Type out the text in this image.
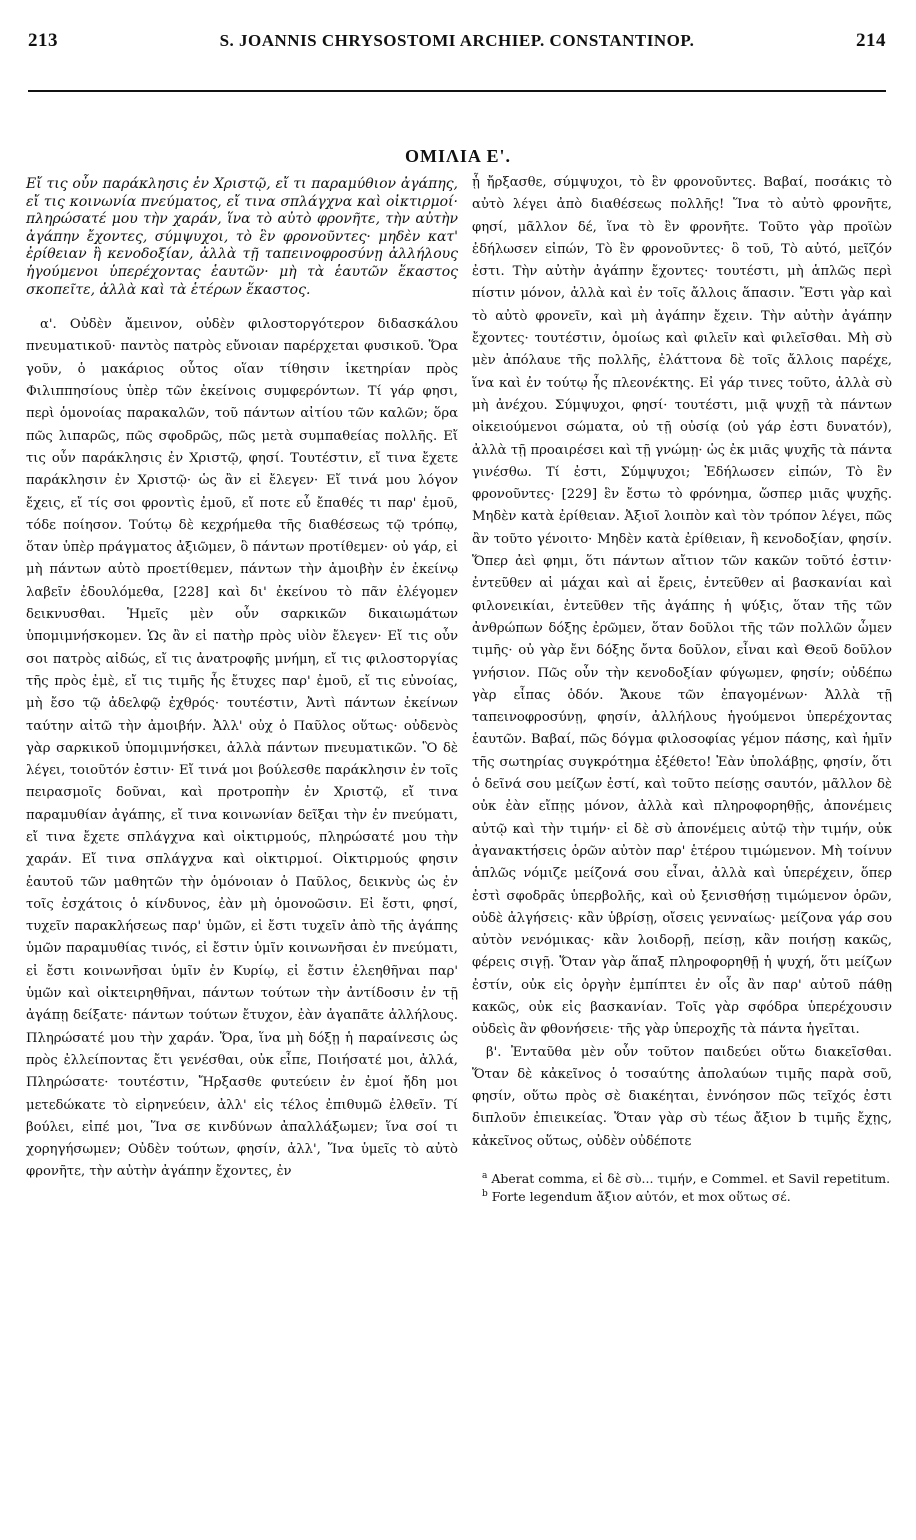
213	S. JOANNIS CHRYSOSTOMI ARCHIEP. CONSTANTINOP.	214
ΟΜΙΛΙΑ Ε'.

Εἴ τις οὖν παράκλησις ἐν Χριστῷ, εἴ τι παραμύθιον ἀγάπης, εἴ τις κοινωνία πνεύματος, εἴ τινα σπλάγχνα καὶ οἰκτιρμοί· πληρώσατέ μου τὴν χαράν, ἵνα τὸ αὐτὸ φρονῆτε, τὴν αὐτὴν ἀγάπην ἔχοντες, σύμψυχοι, τὸ ἓν φρονοῦντες· μηδὲν κατ' ἐρίθειαν ἢ κενοδοξίαν, ἀλλὰ τῇ ταπεινοφροσύνῃ ἀλλήλους ἡγούμενοι ὑπερέχοντας ἑαυτῶν· μὴ τὰ ἑαυτῶν ἕκαστος σκοπεῖτε, ἀλλὰ καὶ τὰ ἑτέρων ἕκαστος.

α'. Οὐδὲν ἄμεινον, οὐδὲν φιλοστοργότερον διδασκάλου πνευματικοῦ· παντὸς πατρὸς εὔνοιαν παρέρχεται φυσικοῦ. Ὅρα γοῦν, ὁ μακάριος οὗτος οἵαν τίθησιν ἱκετηρίαν πρὸς Φιλιππησίους ὑπὲρ τῶν ἐκείνοις συμφερόντων. Τί γάρ φησι, περὶ ὁμονοίας παρακαλῶν, τοῦ πάντων αἰτίου τῶν καλῶν; ὅρα πῶς λιπαρῶς, πῶς σφοδρῶς, πῶς μετὰ συμπαθείας πολλῆς. Εἴ τις οὖν παράκλησις ἐν Χριστῷ, φησί. Τουτέστιν, εἴ τινα ἔχετε παράκλησιν ἐν Χριστῷ· ὡς ἂν εἰ ἔλεγεν· Εἴ τινά μου λόγον ἔχεις, εἴ τίς σοι φροντὶς ἐμοῦ, εἴ ποτε εὖ ἔπαθές τι παρ' ἐμοῦ, τόδε ποίησον. Τούτῳ δὲ κεχρήμεθα τῆς διαθέσεως τῷ τρόπῳ, ὅταν ὑπὲρ πράγματος ἀξιῶμεν, ὃ πάντων προτίθεμεν· οὐ γάρ, εἰ μὴ πάντων αὐτὸ προετίθεμεν, πάντων τὴν ἀμοιβὴν ἐν ἐκείνῳ λαβεῖν ἐδουλόμεθα, [228] καὶ δι' ἐκείνου τὸ πᾶν ἐλέγομεν δεικνυσθαι. Ἡμεῖς μὲν οὖν σαρκικῶν δικαιωμάτων ὑπομιμνήσκομεν. Ὡς ἂν εἰ πατὴρ πρὸς υἱὸν ἔλεγεν· Εἴ τις οὖν σοι πατρὸς αἰδώς, εἴ τις ἀνατροφῆς μνήμη, εἴ τις φιλοστοργίας τῆς πρὸς ἐμὲ, εἴ τις τιμῆς ἧς ἔτυχες παρ' ἐμοῦ, εἴ τις εὐνοίας, μὴ ἔσο τῷ ἀδελφῷ ἐχθρός· τουτέστιν, Ἀντὶ πάντων ἐκείνων ταύτην αἰτῶ τὴν ἀμοιβήν. Ἀλλ' οὐχ ὁ Παῦλος οὕτως· οὐδενὸς γὰρ σαρκικοῦ ὑπομιμνήσκει, ἀλλὰ πάντων πνευματικῶν. Ὃ δὲ λέγει, τοιοῦτόν ἐστιν· Εἴ τινά μοι βούλεσθε παράκλησιν ἐν τοῖς πειρασμοῖς δοῦναι, καὶ προτροπὴν ἐν Χριστῷ, εἴ τινα παραμυθίαν ἀγάπης, εἴ τινα κοινωνίαν δεῖξαι τὴν ἐν πνεύματι, εἴ τινα ἔχετε σπλάγχνα καὶ οἰκτιρμούς, πληρώσατέ μου τὴν χαράν. Εἴ τινα σπλάγχνα καὶ οἰκτιρμοί. Οἰκτιρμούς φησιν ἑαυτοῦ τῶν μαθητῶν τὴν ὁμόνοιαν ὁ Παῦλος, δεικνὺς ὡς ἐν τοῖς ἐσχάτοις ὁ κίνδυνος, ἐὰν μὴ ὁμονοῶσιν. Εἰ ἔστι, φησί, τυχεῖν παρακλήσεως παρ' ὑμῶν, εἰ ἔστι τυχεῖν ἀπὸ τῆς ἀγάπης ὑμῶν παραμυθίας τινός, εἰ ἔστιν ὑμῖν κοινωνῆσαι ἐν πνεύματι, εἰ ἔστι κοινωνῆσαι ὑμῖν ἐν Κυρίῳ, εἰ ἔστιν ἐλεηθῆναι παρ' ὑμῶν καὶ οἰκτειρηθῆναι, πάντων τούτων τὴν ἀντίδοσιν ἐν τῇ ἀγάπῃ δείξατε· πάντων τούτων ἔτυχον, ἐὰν ἀγαπᾶτε ἀλλήλους. Πληρώσατέ μου τὴν χαράν. Ὅρα, ἵνα μὴ δόξῃ ἡ παραίνεσις ὡς πρὸς ἐλλείποντας ἔτι γενέσθαι, οὐκ εἶπε, Ποιήσατέ μοι, ἀλλά, Πληρώσατε· τουτέστιν, Ἤρξασθε φυτεύειν ἐν ἐμοί ἤδη μοι μετεδώκατε τὸ εἰρηνεύειν, ἀλλ' εἰς τέλος ἐπιθυμῶ ἐλθεῖν. Τί βούλει, εἰπέ μοι, Ἵνα σε κινδύνων ἀπαλλάξωμεν; ἵνα σοί τι χορηγήσωμεν; Οὐδὲν τούτων, φησίν, ἀλλ', Ἵνα ὑμεῖς τὸ αὐτὸ φρονῆτε, τὴν αὐτὴν ἀγάπην ἔχοντες, ἐν

ᾗ ἤρξασθε, σύμψυχοι, τὸ ἓν φρονοῦντες. Βαβαί, ποσάκις τὸ αὐτὸ λέγει ἀπὸ διαθέσεως πολλῆς! Ἵνα τὸ αὐτὸ φρονῆτε, φησί, μᾶλλον δέ, ἵνα τὸ ἓν φρονῆτε. Τοῦτο γὰρ προϊὼν ἐδήλωσεν εἰπών, Τὸ ἓν φρονοῦντες· ὃ τοῦ, Τὸ αὐτό, μεῖζόν ἐστι. Τὴν αὐτὴν ἀγάπην ἔχοντες· τουτέστι, μὴ ἁπλῶς περὶ πίστιν μόνον, ἀλλὰ καὶ ἐν τοῖς ἄλλοις ἅπασιν. Ἔστι γὰρ καὶ τὸ αὐτὸ φρονεῖν, καὶ μὴ ἀγάπην ἔχειν. Τὴν αὐτὴν ἀγάπην ἔχοντες· τουτέστιν, ὁμοίως καὶ φιλεῖν καὶ φιλεῖσθαι. Μὴ σὺ μὲν ἀπόλαυε τῆς πολλῆς, ἐλάττονα δὲ τοῖς ἄλλοις παρέχε, ἵνα καὶ ἐν τούτῳ ἧς πλεονέκτης. Εἰ γάρ τινες τοῦτο, ἀλλὰ σὺ μὴ ἀνέχου. Σύμψυχοι, φησί· τουτέστι, μιᾷ ψυχῇ τὰ πάντων οἰκειούμενοι σώματα, οὐ τῇ οὐσίᾳ (οὐ γάρ ἐστι δυνατόν), ἀλλὰ τῇ προαιρέσει καὶ τῇ γνώμῃ· ὡς ἐκ μιᾶς ψυχῆς τὰ πάντα γινέσθω. Τί ἐστι, Σύμψυχοι; Ἐδήλωσεν εἰπών, Τὸ ἓν φρονοῦντες· [229] ἓν ἔστω τὸ φρόνημα, ὥσπερ μιᾶς ψυχῆς. Μηδὲν κατὰ ἐρίθειαν. Ἀξιοῖ λοιπὸν καὶ τὸν τρόπον λέγει, πῶς ἂν τοῦτο γένοιτο· Μηδὲν κατὰ ἐρίθειαν, ἢ κενοδοξίαν, φησίν. Ὅπερ ἀεὶ φημι, ὅτι πάντων αἴτιον τῶν κακῶν τοῦτό ἐστιν· ἐντεῦθεν αἱ μάχαι καὶ αἱ ἔρεις, ἐντεῦθεν αἱ βασκανίαι καὶ φιλονεικίαι, ἐντεῦθεν τῆς ἀγάπης ἡ ψύξις, ὅταν τῆς τῶν ἀνθρώπων δόξης ἐρῶμεν, ὅταν δοῦλοι τῆς τῶν πολλῶν ὦμεν τιμῆς· οὐ γὰρ ἔνι δόξης ὄντα δοῦλον, εἶναι καὶ Θεοῦ δοῦλον γνήσιον. Πῶς οὖν τὴν κενοδοξίαν φύγωμεν, φησίν; οὐδέπω γὰρ εἶπας ὁδόν. Ἄκουε τῶν ἐπαγομένων· Ἀλλὰ τῇ ταπεινοφροσύνῃ, φησίν, ἀλλήλους ἡγούμενοι ὑπερέχοντας ἑαυτῶν. Βαβαί, πῶς δόγμα φιλοσοφίας γέμον πάσης, καὶ ἡμῖν τῆς σωτηρίας συγκρότημα ἐξέθετο! Ἐὰν ὑπολάβῃς, φησίν, ὅτι ὁ δεῖνά σου μείζων ἐστί, καὶ τοῦτο πείσῃς σαυτόν, μᾶλλον δὲ οὐκ ἐὰν εἴπῃς μόνον, ἀλλὰ καὶ πληροφορηθῇς, ἀπονέμεις αὐτῷ καὶ τὴν τιμήν· εἰ δὲ σὺ ἀπονέμεις αὐτῷ τὴν τιμήν, οὐκ ἀγανακτήσεις ὁρῶν αὐτὸν παρ' ἑτέρου τιμώμενον. Μὴ τοίνυν ἁπλῶς νόμιζε μείζονά σου εἶναι, ἀλλὰ καὶ ὑπερέχειν, ὅπερ ἐστὶ σφοδρᾶς ὑπερβολῆς, καὶ οὐ ξενισθήσῃ τιμώμενον ὁρῶν, οὐδὲ ἀλγήσεις· κἂν ὑβρίσῃ, οἴσεις γενναίως· μείζονα γάρ σου αὐτὸν νενόμικας· κἂν λοιδορῇ, πείσῃ, κἂν ποιήσῃ κακῶς, φέρεις σιγῇ. Ὅταν γὰρ ἅπαξ πληροφορηθῇ ἡ ψυχή, ὅτι μείζων ἐστίν, οὐκ εἰς ὀργὴν ἐμπίπτει ἐν οἷς ἂν παρ' αὐτοῦ πάθῃ κακῶς, οὐκ εἰς βασκανίαν. Τοῖς γὰρ σφόδρα ὑπερέχουσιν οὐδεὶς ἂν φθονήσειε· τῆς γὰρ ὑπεροχῆς τὰ πάντα ἡγεῖται.

β'. Ἐνταῦθα μὲν οὖν τοῦτον παιδεύει οὕτω διακεῖσθαι. Ὅταν δὲ κἀκεῖνος ὁ τοσαύτης ἀπολαύων τιμῆς παρὰ σοῦ, φησίν, οὕτω πρὸς σὲ διακέηται, ἐννόησον πῶς τεῖχός ἐστι διπλοῦν ἐπιεικείας. Ὅταν γὰρ σὺ τέως ἄξιον b τιμῆς ἔχῃς, κἀκεῖνος οὕτως, οὐδὲν οὐδέποτε

$^a$ Aberat comma, εἰ δὲ σὺ... τιμήν, e Commel. et Savil repetitum.

$^b$ Forte legendum ἄξιον αὐτόν, et mox οὕτως σέ.
